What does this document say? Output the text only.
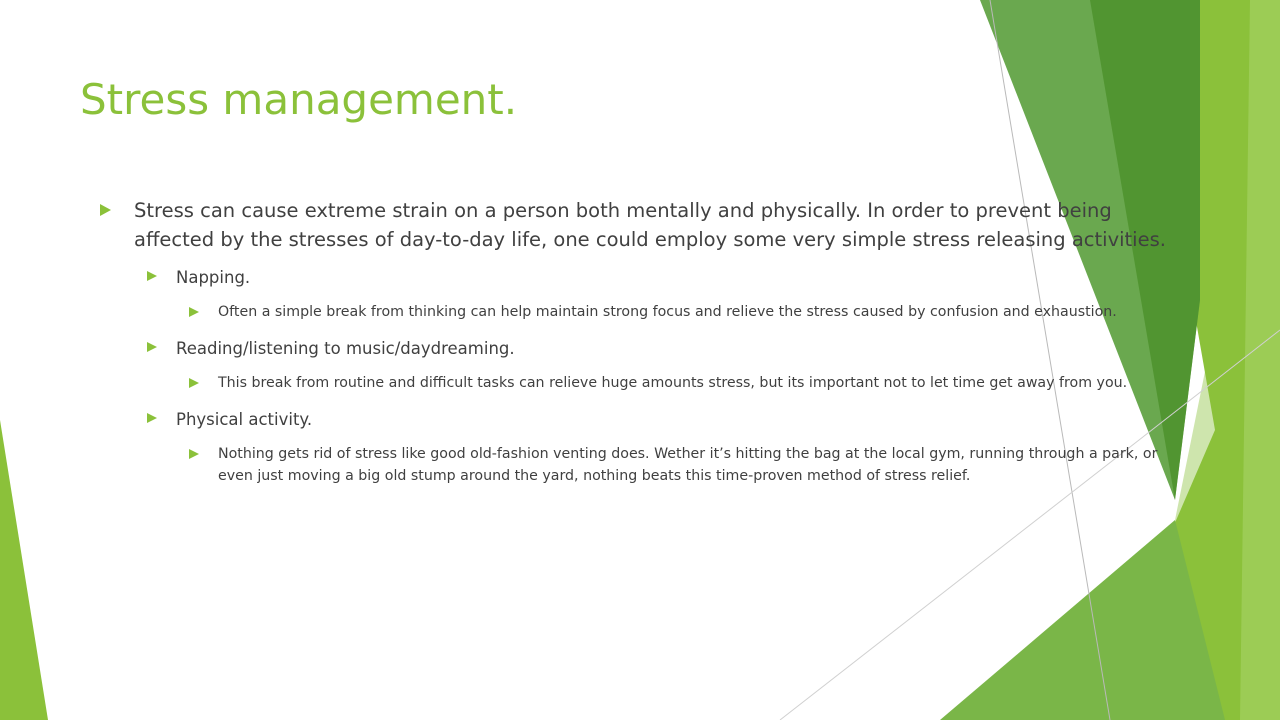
Stress management.
Stress can cause extreme strain on a person both mentally and physically. In order to prevent being affected by the stresses of day-to-day life, one could employ some very simple stress releasing activities.
Napping.
Often a simple break from thinking can help maintain strong focus and relieve the stress caused by confusion and exhaustion.
Reading/listening to music/daydreaming.
This break from routine and difficult tasks can relieve huge amounts stress, but its important not to let time get away from you.
Physical activity.
Nothing gets rid of stress like good old-fashion venting does. Wether it’s hitting the bag at the local gym, running through a park, or even just moving a big old stump around the yard, nothing beats this time-proven method of stress relief.
